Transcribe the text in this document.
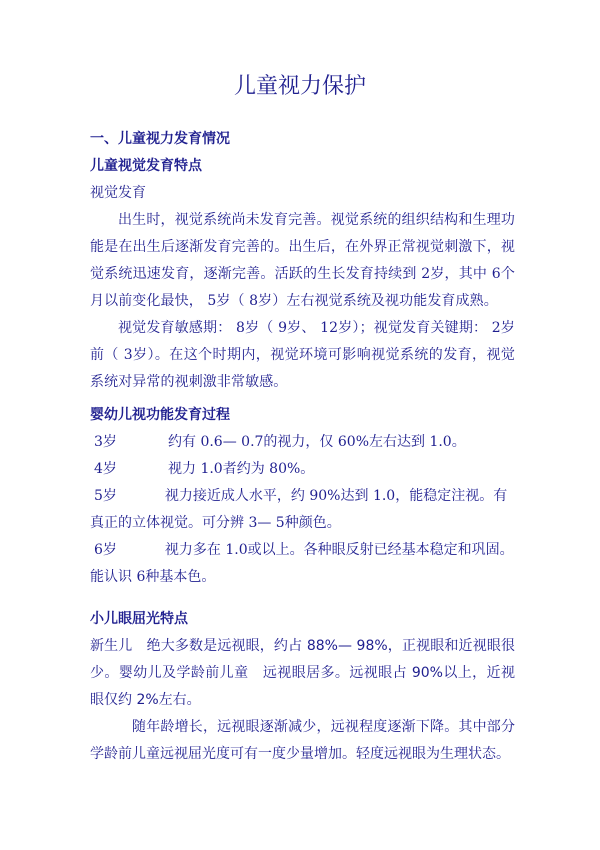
儿童视力保护
一、儿童视力发育情况
儿童视觉发育特点
视觉发育
出生时，视觉系统尚未发育完善。视觉系统的组织结构和生理功能是在出生后逐渐发育完善的。出生后，在外界正常视觉刺激下，视觉系统迅速发育，逐渐完善。活跃的生长发育持续到 2岁，其中 6个月以前变化最快， 5岁（ 8岁）左右视觉系统及视功能发育成熟。
视觉发育敏感期： 8岁（ 9岁、 12岁）；视觉发育关键期： 2岁前（ 3岁）。在这个时期内，视觉环境可影响视觉系统的发育，视觉系统对异常的视刺激非常敏感。
婴幼儿视功能发育过程
3岁	约有 0.6— 0.7的视力，仅 60%左右达到 1.0。
4岁	视力 1.0者约为 80%。
5岁	视力接近成人水平，约 90%达到 1.0，能稳定注视。有真正的立体视觉。可分辨 3— 5种颜色。
6岁	视力多在 1.0或以上。各种眼反射已经基本稳定和巩固。能认识 6种基本色。
小儿眼屈光特点
新生儿　绝大多数是远视眼，约占 88%— 98%，正视眼和近视眼很少。婴幼儿及学龄前儿童　远视眼居多。远视眼占 90%以上，近视眼仅约 2%左右。
随年龄增长，远视眼逐渐减少，远视程度逐渐下降。其中部分学龄前儿童远视屈光度可有一度少量增加。轻度远视眼为生理状态。
